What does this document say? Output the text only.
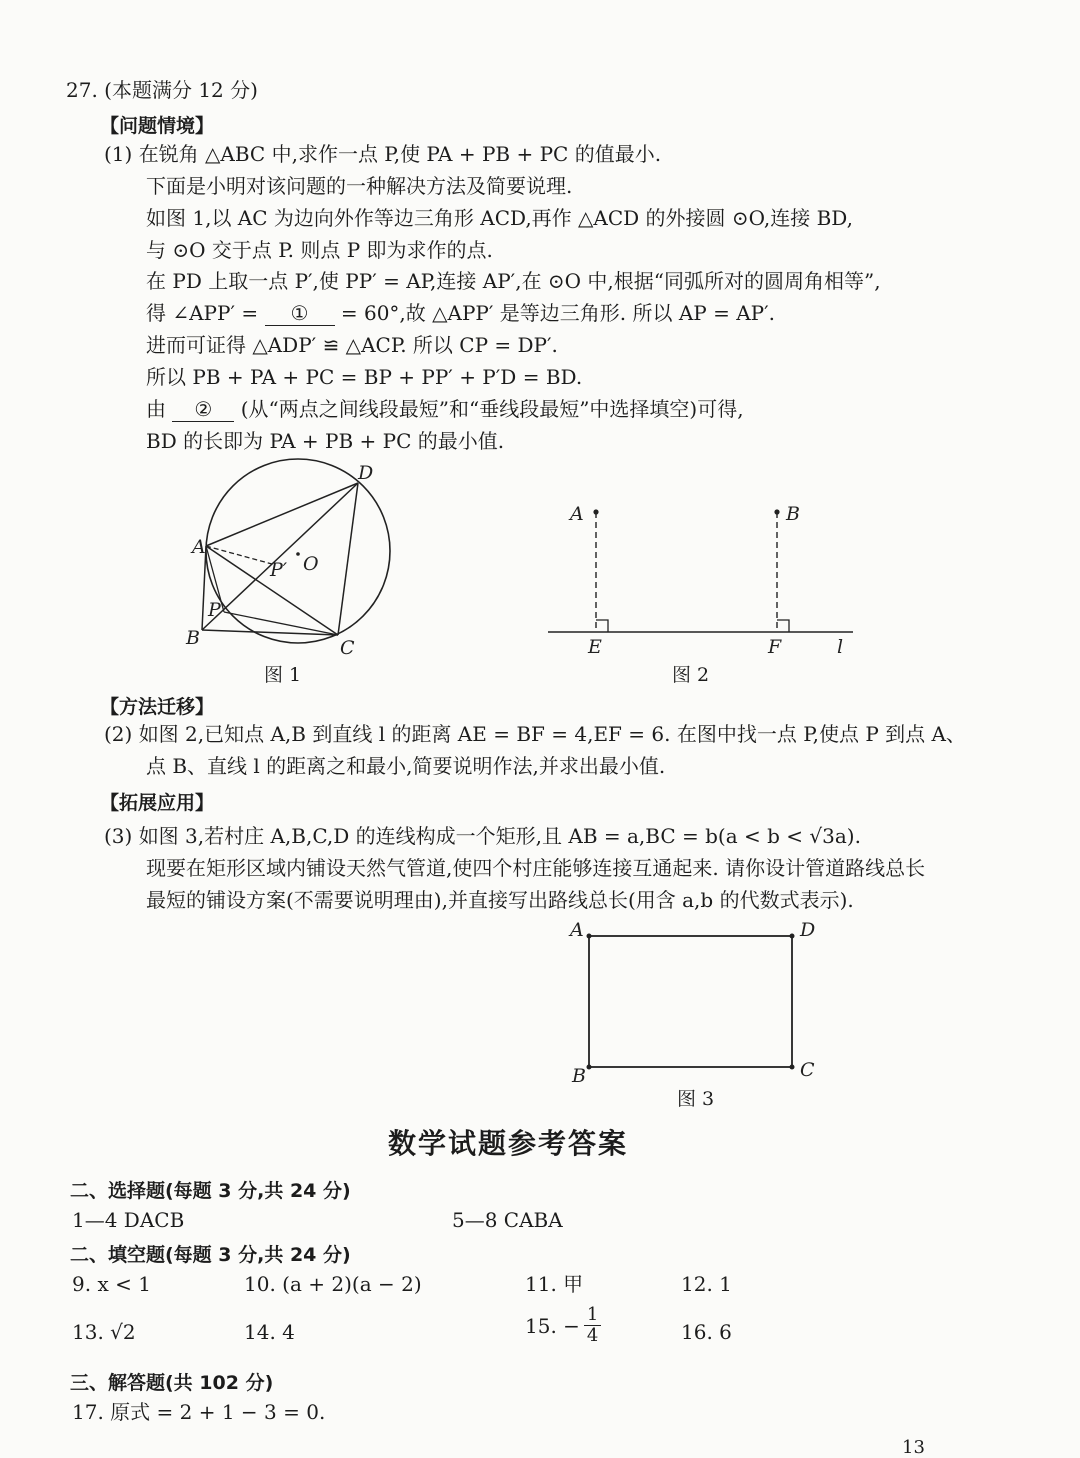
27. (本题满分 12 分)
【问题情境】
(1) 在锐角 △ABC 中,求作一点 P,使 PA + PB + PC 的值最小.
下面是小明对该问题的一种解决方法及简要说理.
如图 1,以 AC 为边向外作等边三角形 ACD,再作 △ACD 的外接圆 ⊙O,连接 BD,
与 ⊙O 交于点 P. 则点 P 即为求作的点.
在 PD 上取一点 P′,使 PP′ = AP,连接 AP′,在 ⊙O 中,根据“同弧所对的圆周角相等”,
得 ∠APP′ = ① = 60°,故 △APP′ 是等边三角形. 所以 AP = AP′.
进而可证得 △ADP′ ≌ △ACP. 所以 CP = DP′.
所以 PB + PA + PC = BP + PP′ + P′D = BD.
由 ② (从“两点之间线段最短”和“垂线段最短”中选择填空)可得,
BD 的长即为 PA + PB + PC 的最小值.
D
A
B	C
P
P′ O
图 1
A	B
E	F	l
图 2
【方法迁移】
(2) 如图 2,已知点 A,B 到直线 l 的距离 AE = BF = 4,EF = 6. 在图中找一点 P,使点 P 到点 A、
点 B、直线 l 的距离之和最小,简要说明作法,并求出最小值.
【拓展应用】
(3) 如图 3,若村庄 A,B,C,D 的连线构成一个矩形,且 AB = a,BC = b(a < b < √3a).
现要在矩形区域内铺设天然气管道,使四个村庄能够连接互通起来. 请你设计管道路线总长
最短的铺设方案(不需要说明理由),并直接写出路线总长(用含 a,b 的代数式表示).
A	D
B	C
图 3
数学试题参考答案
二、选择题(每题 3 分,共 24 分)
1—4 DACB	5—8 CABA
二、填空题(每题 3 分,共 24 分)
9. x < 1	10. (a + 2)(a − 2)	11. 甲	12. 1
13. √2	14. 4	15. − $\frac{1}{4}$	16. 6
三、解答题(共 102 分)
17. 原式 = 2 + 1 − 3 = 0.
13
